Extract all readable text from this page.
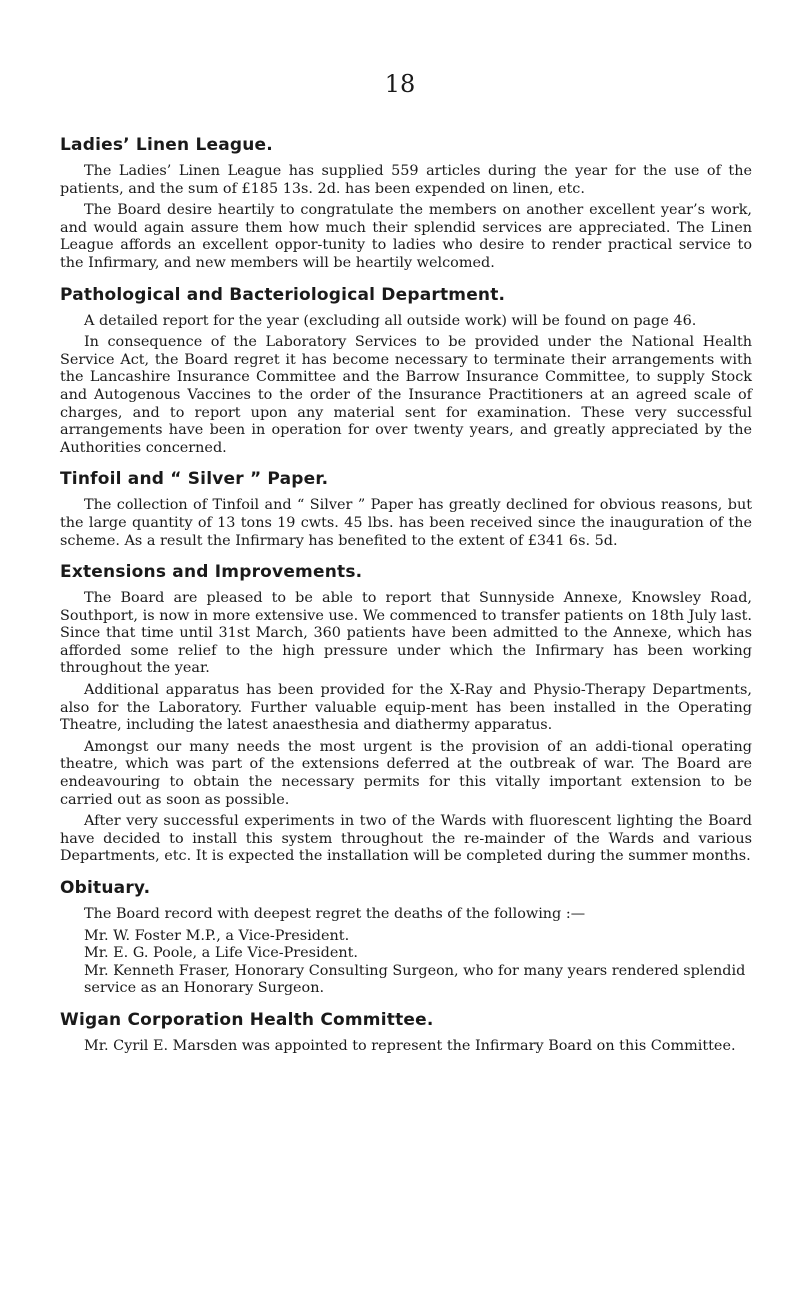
18
Ladies’ Linen League.

The Ladies’ Linen League has supplied 559 articles during the year for the use of the patients, and the sum of £185 13s. 2d. has been expended on linen, etc.

The Board desire heartily to congratulate the members on another excellent year’s work, and would again assure them how much their splendid services are appreciated. The Linen League affords an excellent oppor-tunity to ladies who desire to render practical service to the Infirmary, and new members will be heartily welcomed.

Pathological and Bacteriological Department.

A detailed report for the year (excluding all outside work) will be found on page 46.

In consequence of the Laboratory Services to be provided under the National Health Service Act, the Board regret it has become necessary to terminate their arrangements with the Lancashire Insurance Committee and the Barrow Insurance Committee, to supply Stock and Autogenous Vaccines to the order of the Insurance Practitioners at an agreed scale of charges, and to report upon any material sent for examination. These very successful arrangements have been in operation for over twenty years, and greatly appreciated by the Authorities concerned.

Tinfoil and “ Silver ” Paper.

The collection of Tinfoil and “ Silver ” Paper has greatly declined for obvious reasons, but the large quantity of 13 tons 19 cwts. 45 lbs. has been received since the inauguration of the scheme. As a result the Infirmary has benefited to the extent of £341 6s. 5d.

Extensions and Improvements.

The Board are pleased to be able to report that Sunnyside Annexe, Knowsley Road, Southport, is now in more extensive use. We commenced to transfer patients on 18th July last. Since that time until 31st March, 360 patients have been admitted to the Annexe, which has afforded some relief to the high pressure under which the Infirmary has been working throughout the year.

Additional apparatus has been provided for the X-Ray and Physio-Therapy Departments, also for the Laboratory. Further valuable equip-ment has been installed in the Operating Theatre, including the latest anaesthesia and diathermy apparatus.

Amongst our many needs the most urgent is the provision of an addi-tional operating theatre, which was part of the extensions deferred at the outbreak of war. The Board are endeavouring to obtain the necessary permits for this vitally important extension to be carried out as soon as possible.

After very successful experiments in two of the Wards with fluorescent lighting the Board have decided to install this system throughout the re-mainder of the Wards and various Departments, etc. It is expected the installation will be completed during the summer months.

Obituary.

The Board record with deepest regret the deaths of the following :—

Mr. W. Foster M.P., a Vice-President.

Mr. E. G. Poole, a Life Vice-President.

Mr. Kenneth Fraser, Honorary Consulting Surgeon, who for many years rendered splendid service as an Honorary Surgeon.

Wigan Corporation Health Committee.

Mr. Cyril E. Marsden was appointed to represent the Infirmary Board on this Committee.
